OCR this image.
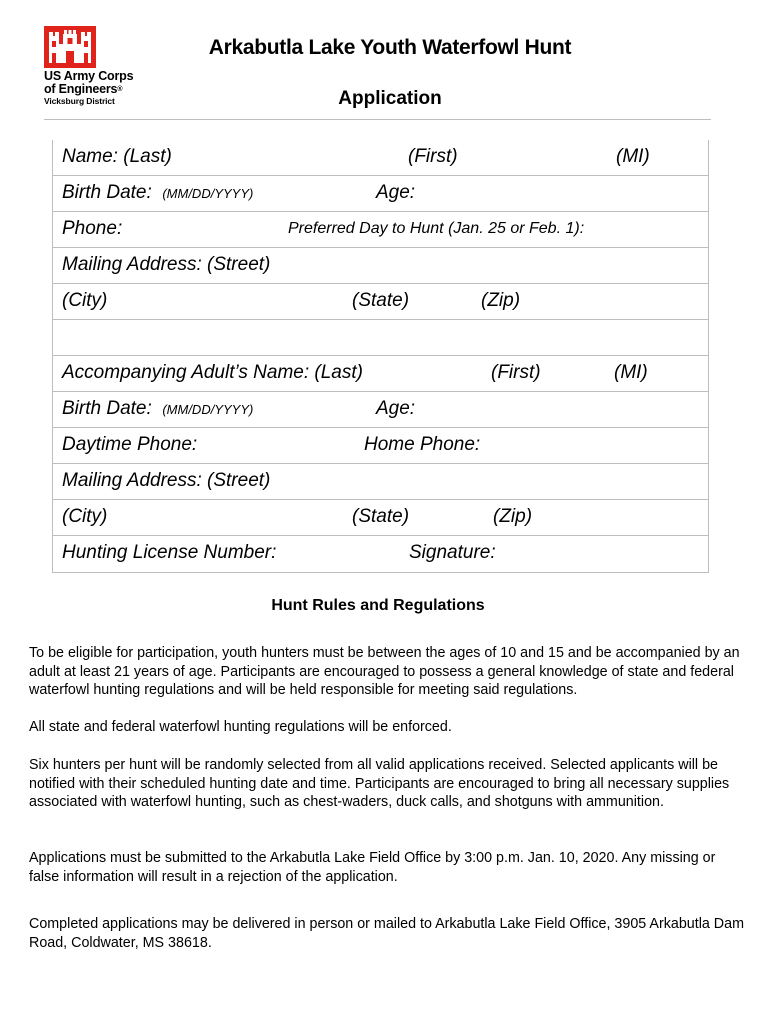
US Army Corps
of Engineers®
Vicksburg District
Arkabutla Lake Youth Waterfowl Hunt
Application
Name: (Last)	(First)	(MI)
Birth Date: (MM/DD/YYYY)	Age:
Phone:	Preferred Day to Hunt (Jan. 25 or Feb. 1):
Mailing Address: (Street)
(City)	(State)	(Zip)
Accompanying Adult’s Name: (Last)	(First)	(MI)
Birth Date: (MM/DD/YYYY)	Age:
Daytime Phone:	Home Phone:
Mailing Address: (Street)
(City)	(State)	(Zip)
Hunting License Number:	Signature:
Hunt Rules and Regulations

To be eligible for participation, youth hunters must be between the ages of 10 and 15 and be accompanied by an adult at least 21 years of age. Participants are encouraged to possess a general knowledge of state and federal waterfowl hunting regulations and will be held responsible for meeting said regulations.

All state and federal waterfowl hunting regulations will be enforced.

Six hunters per hunt will be randomly selected from all valid applications received. Selected applicants will be notified with their scheduled hunting date and time. Participants are encouraged to bring all necessary supplies associated with waterfowl hunting, such as chest-waders, duck calls, and shotguns with ammunition.

Applications must be submitted to the Arkabutla Lake Field Office by 3:00 p.m. Jan. 10, 2020. Any missing or false information will result in a rejection of the application.

Completed applications may be delivered in person or mailed to Arkabutla Lake Field Office, 3905 Arkabutla Dam Road, Coldwater, MS 38618.
